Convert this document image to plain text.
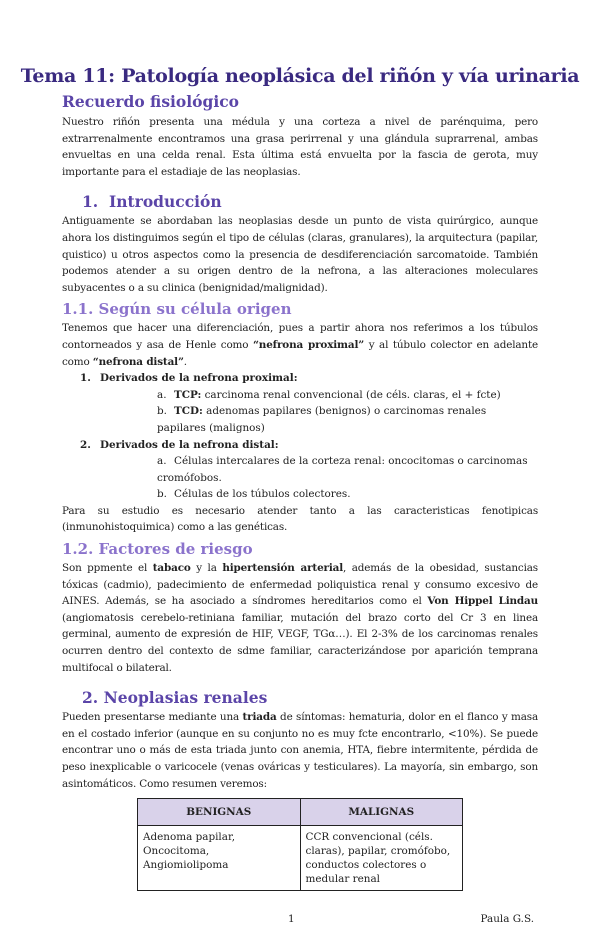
Tema 11: Patología neoplásica del riñón y vía urinaria
Recuerdo fisiológico

Nuestro riñón presenta una médula y una corteza a nivel de parénquima, pero extrarrenalmente encontramos una grasa perirrenal y una glándula suprarrenal, ambas envueltas en una celda renal. Esta última está envuelta por la fascia de gerota, muy importante para el estadiaje de las neoplasias.

1.  Introducción

Antiguamente se abordaban las neoplasias desde un punto de vista quirúrgico, aunque ahora los distinguimos según el tipo de células (claras, granulares), la arquitectura (papilar, quistico) u otros aspectos como la presencia de desdiferenciación sarcomatoide. También podemos atender a su origen dentro de la nefrona, a las alteraciones moleculares subyacentes o a su clinica (benignidad/malignidad).

1.1. Según su célula origen

Tenemos que hacer una diferenciación, pues a partir ahora nos referimos a los túbulos contorneados y asa de Henle como “nefrona proximal” y al túbulo colector en adelante como “nefrona distal”.

1. Derivados de la nefrona proximal:
a. TCP: carcinoma renal convencional (de céls. claras, el + fcte)
b. TCD: adenomas papilares (benignos) o carcinomas renales papilares (malignos)
2. Derivados de la nefrona distal:
a. Células intercalares de la corteza renal: oncocitomas o carcinomas cromófobos.
b. Células de los túbulos colectores.

Para su estudio es necesario atender tanto a las caracteristicas fenotipicas (inmunohistoquimica) como a las genéticas.

1.2. Factores de riesgo

Son ppmente el tabaco y la hipertensión arterial, además de la obesidad, sustancias tóxicas (cadmio), padecimiento de enfermedad poliquistica renal y consumo excesivo de AINES. Además, se ha asociado a síndromes hereditarios como el Von Hippel Lindau (angiomatosis cerebelo-retiniana familiar, mutación del brazo corto del Cr 3 en linea germinal, aumento de expresión de HIF, VEGF, TGα…). El 2-3% de los carcinomas renales ocurren dentro del contexto de sdme familiar, caracterizándose por aparición temprana multifocal o bilateral.

2. Neoplasias renales

Pueden presentarse mediante una triada de síntomas: hematuria, dolor en el flanco y masa en el costado inferior (aunque en su conjunto no es muy fcte encontrarlo, <10%). Se puede encontrar uno o más de esta triada junto con anemia, HTA, fiebre intermitente, pérdida de peso inexplicable o varicocele (venas ováricas y testiculares). La mayoría, sin embargo, son asintomáticos. Como resumen veremos:

BENIGNAS	MALIGNAS
Adenoma papilar, Oncocitoma, Angiomiolipoma	CCR convencional (céls. claras), papilar, cromófobo, conductos colectores o medular renal
1	Paula G.S.
